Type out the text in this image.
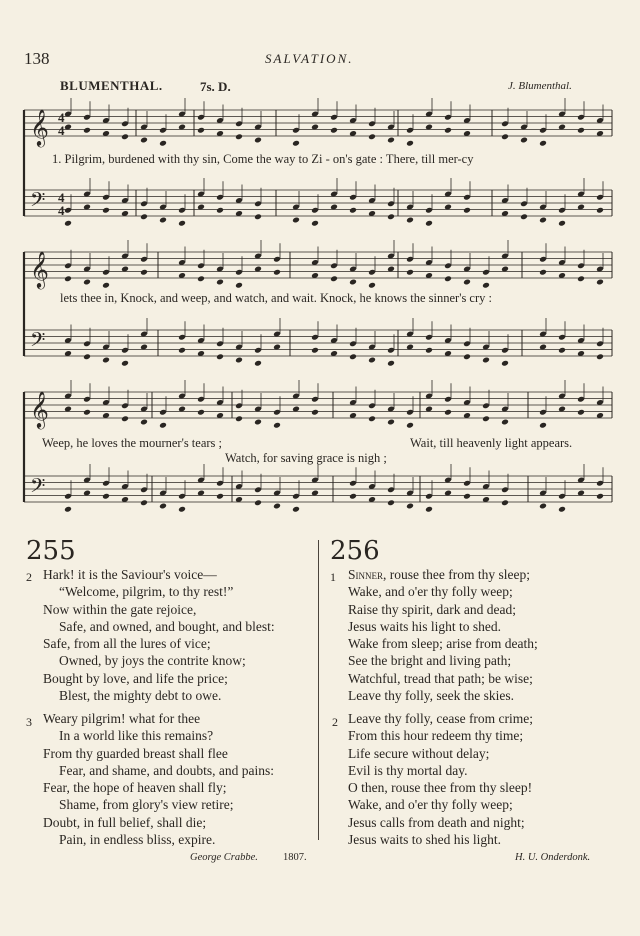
138	SALVATION.
BLUMENTHAL.	7s. D.	J. Blumenthal.
𝄞
𝄢
𝄞
𝄢
𝄞
𝄢
4
4
4
4
1. Pilgrim, burdened with thy sin, Come the way to Zi - on's gate : There, till mer-cy
lets thee in, Knock, and weep, and watch, and wait. Knock, he knows the sinner's cry :
Weep, he loves the mourner's tears ;	Wait, till heavenly light appears.
Watch, for saving grace is nigh ;
255
2 Hark! it is the Saviour's voice—
“Welcome, pilgrim, to thy rest!”
Now within the gate rejoice,
Safe, and owned, and bought, and blest:
Safe, from all the lures of vice;
Owned, by joys the contrite know;
Bought by love, and life the price;
Blest, the mighty debt to owe.
3 Weary pilgrim! what for thee
In a world like this remains?
From thy guarded breast shall flee
Fear, and shame, and doubts, and pains:
Fear, the hope of heaven shall fly;
Shame, from glory's view retire;
Doubt, in full belief, shall die;
Pain, in endless bliss, expire.
George Crabbe. 1807.
256
1 Sinner, rouse thee from thy sleep;
Wake, and o'er thy folly weep;
Raise thy spirit, dark and dead;
Jesus waits his light to shed.
Wake from sleep; arise from death;
See the bright and living path;
Watchful, tread that path; be wise;
Leave thy folly, seek the skies.
2 Leave thy folly, cease from crime;
From this hour redeem thy time;
Life secure without delay;
Evil is thy mortal day.
O then, rouse thee from thy sleep!
Wake, and o'er thy folly weep;
Jesus calls from death and night;
Jesus waits to shed his light.
H. U. Onderdonk.
